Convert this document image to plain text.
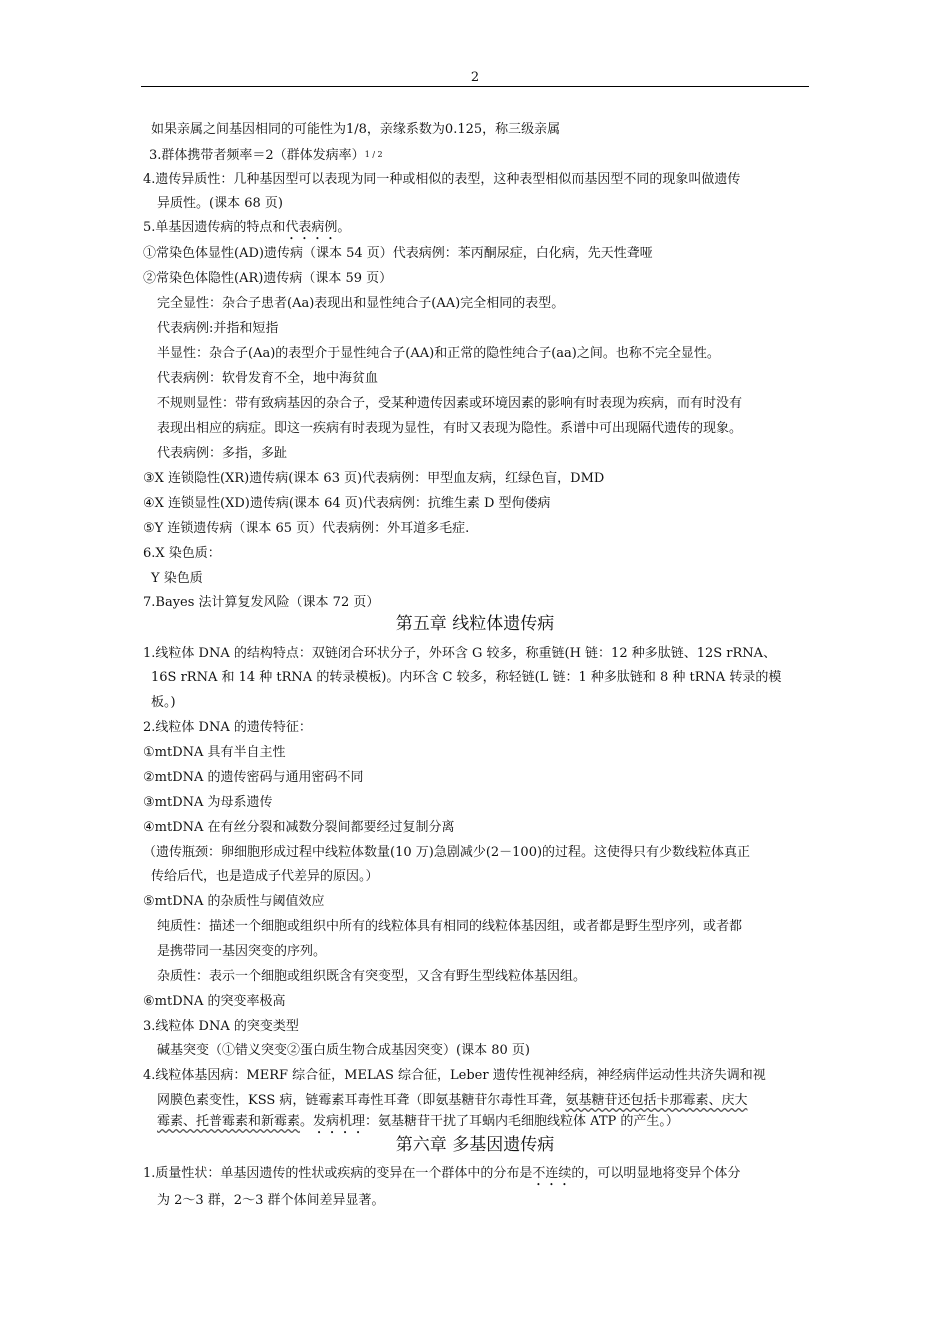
2
如果亲属之间基因相同的可能性为1/8，亲缘系数为0.125，称三级亲属
3.群体携带者频率＝2（群体发病率）$^{1 / 2}$
4.遗传异质性：几种基因型可以表现为同一种或相似的表型，这种表型相似而基因型不同的现象叫做遗传
异质性。(课本 68 页)
5.单基因遗传病的特点和代表病例。
①常染色体显性(AD)遗传病（课本 54 页）代表病例：苯丙酮尿症，白化病，先天性聋哑
②常染色体隐性(AR)遗传病（课本 59 页）
完全显性：杂合子患者(Aa)表现出和显性纯合子(AA)完全相同的表型。
代表病例:并指和短指
半显性：杂合子(Aa)的表型介于显性纯合子(AA)和正常的隐性纯合子(aa)之间。也称不完全显性。
代表病例：软骨发育不全，地中海贫血
不规则显性：带有致病基因的杂合子，受某种遗传因素或环境因素的影响有时表现为疾病，而有时没有
表现出相应的病症。即这一疾病有时表现为显性，有时又表现为隐性。系谱中可出现隔代遗传的现象。
代表病例：多指，多趾
③X 连锁隐性(XR)遗传病(课本 63 页)代表病例：甲型血友病，红绿色盲，DMD
④X 连锁显性(XD)遗传病(课本 64 页)代表病例：抗维生素 D 型佝偻病
⑤Y 连锁遗传病（课本 65 页）代表病例：外耳道多毛症.
6.X 染色质：
Y 染色质
7.Bayes 法计算复发风险（课本 72 页）
第五章 线粒体遗传病
1.线粒体 DNA 的结构特点：双链闭合环状分子，外环含 G 较多，称重链(H 链：12 种多肽链、12S rRNA、
16S rRNA 和 14 种 tRNA 的转录模板)。内环含 C 较多，称轻链(L 链：1 种多肽链和 8 种 tRNA 转录的模
板。)
2.线粒体 DNA 的遗传特征：
①mtDNA 具有半自主性
②mtDNA 的遗传密码与通用密码不同
③mtDNA 为母系遗传
④mtDNA 在有丝分裂和减数分裂间都要经过复制分离
（遗传瓶颈：卵细胞形成过程中线粒体数量(10 万)急剧减少(2－100)的过程。这使得只有少数线粒体真正
传给后代，也是造成子代差异的原因。）
⑤mtDNA 的杂质性与阈值效应
纯质性：描述一个细胞或组织中所有的线粒体具有相同的线粒体基因组，或者都是野生型序列，或者都
是携带同一基因突变的序列。
杂质性：表示一个细胞或组织既含有突变型，又含有野生型线粒体基因组。
⑥mtDNA 的突变率极高
3.线粒体 DNA 的突变类型
碱基突变（①错义突变②蛋白质生物合成基因突变）(课本 80 页)
4.线粒体基因病：MERF 综合征，MELAS 综合征，Leber 遗传性视神经病，神经病伴运动性共济失调和视
网膜色素变性，KSS 病，链霉素耳毒性耳聋（即氨基糖苷尔毒性耳聋，氨基糖苷还包括卡那霉素、庆大
霉素、托普霉素和新霉素。发病机理：氨基糖苷干扰了耳蜗内毛细胞线粒体 ATP 的产生。）
第六章 多基因遗传病
1.质量性状：单基因遗传的性状或疾病的变异在一个群体中的分布是不连续的，可以明显地将变异个体分
为 2～3 群，2～3 群个体间差异显著。
